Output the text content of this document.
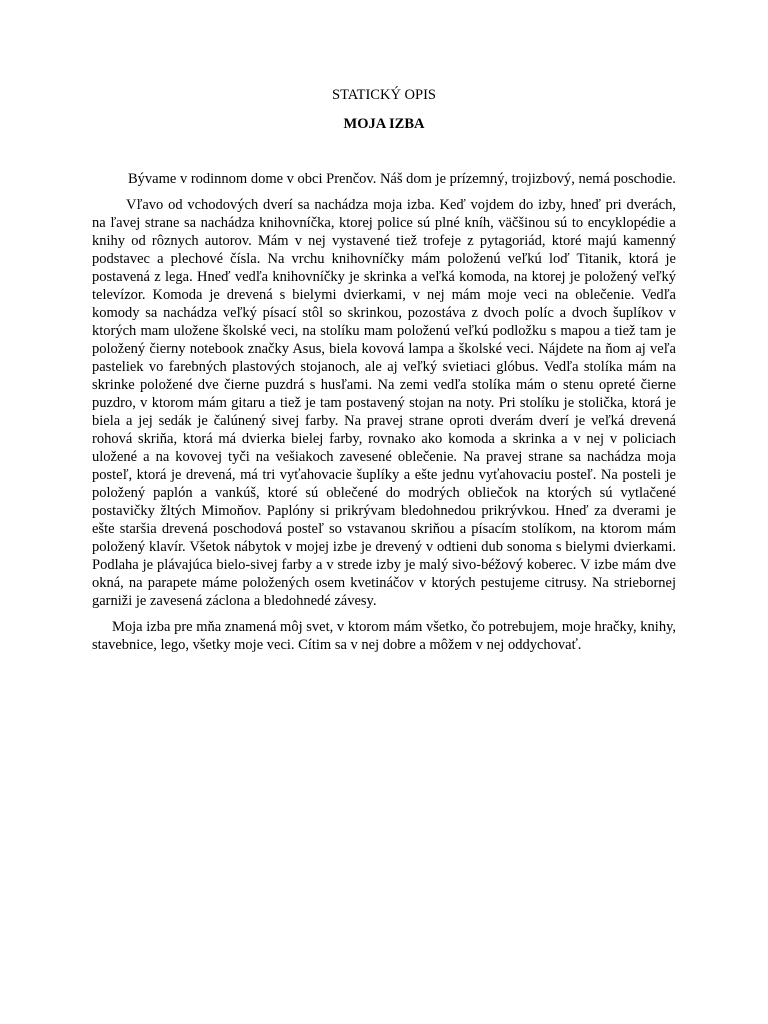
STATICKÝ OPIS
MOJA IZBA

Bývame v rodinnom dome v obci Prenčov. Náš dom je prízemný, trojizbový, nemá poschodie.

Vľavo od vchodových dverí sa nachádza moja izba. Keď vojdem do izby, hneď pri dverách, na ľavej strane sa nachádza knihovníčka, ktorej police sú plné kníh, väčšinou sú to encyklopédie a knihy od rôznych autorov. Mám v nej vystavené tiež trofeje z pytagoriád, ktoré majú kamenný podstavec a plechové čísla. Na vrchu knihovníčky mám položenú veľkú loď Titanik, ktorá je postavená z lega. Hneď vedľa knihovníčky je skrinka a veľká komoda, na ktorej je položený veľký televízor. Komoda je drevená s bielymi dvierkami, v nej mám moje veci na oblečenie. Vedľa komody sa nachádza veľký písací stôl so skrinkou, pozostáva z dvoch políc a dvoch šuplíkov v ktorých mam uložene školské veci, na stolíku mam položenú veľkú podložku s mapou a tiež tam je položený čierny notebook značky Asus, biela kovová lampa a školské veci. Nájdete na ňom aj veľa pasteliek vo farebných plastových stojanoch, ale aj veľký svietiaci glóbus. Vedľa stolíka mám na skrinke položené dve čierne puzdrá s husľami. Na zemi vedľa stolíka mám o stenu opreté čierne puzdro, v ktorom mám gitaru a tiež je tam postavený stojan na noty. Pri stolíku je stolička, ktorá je biela a jej sedák je čalúnený sivej farby. Na pravej strane oproti dverám dverí je veľká drevená rohová skriňa, ktorá má dvierka bielej farby, rovnako ako komoda a skrinka a v nej v policiach uložené a na kovovej tyči na vešiakoch zavesené oblečenie. Na pravej strane sa nachádza moja posteľ, ktorá je drevená, má tri vyťahovacie šuplíky a ešte jednu vyťahovaciu posteľ. Na posteli je položený paplón a vankúš, ktoré sú oblečené do modrých obliečok na ktorých sú vytlačené postavičky žltých Mimoňov. Paplóny si prikrývam bledohnedou prikrývkou. Hneď za dverami je ešte staršia drevená poschodová posteľ so vstavanou skriňou a písacím stolíkom, na ktorom mám položený klavír. Všetok nábytok v mojej izbe je drevený v odtieni dub sonoma s bielymi dvierkami. Podlaha je plávajúca bielo-sivej farby a v strede izby je malý sivo-béžový koberec. V izbe mám dve okná, na parapete máme položených osem kvetináčov v ktorých pestujeme citrusy. Na striebornej garniži je zavesená záclona a bledohnedé závesy.

Moja izba pre mňa znamená môj svet, v ktorom mám všetko, čo potrebujem, moje hračky, knihy, stavebnice, lego, všetky moje veci. Cítim sa v nej dobre a môžem v nej oddychovať.
